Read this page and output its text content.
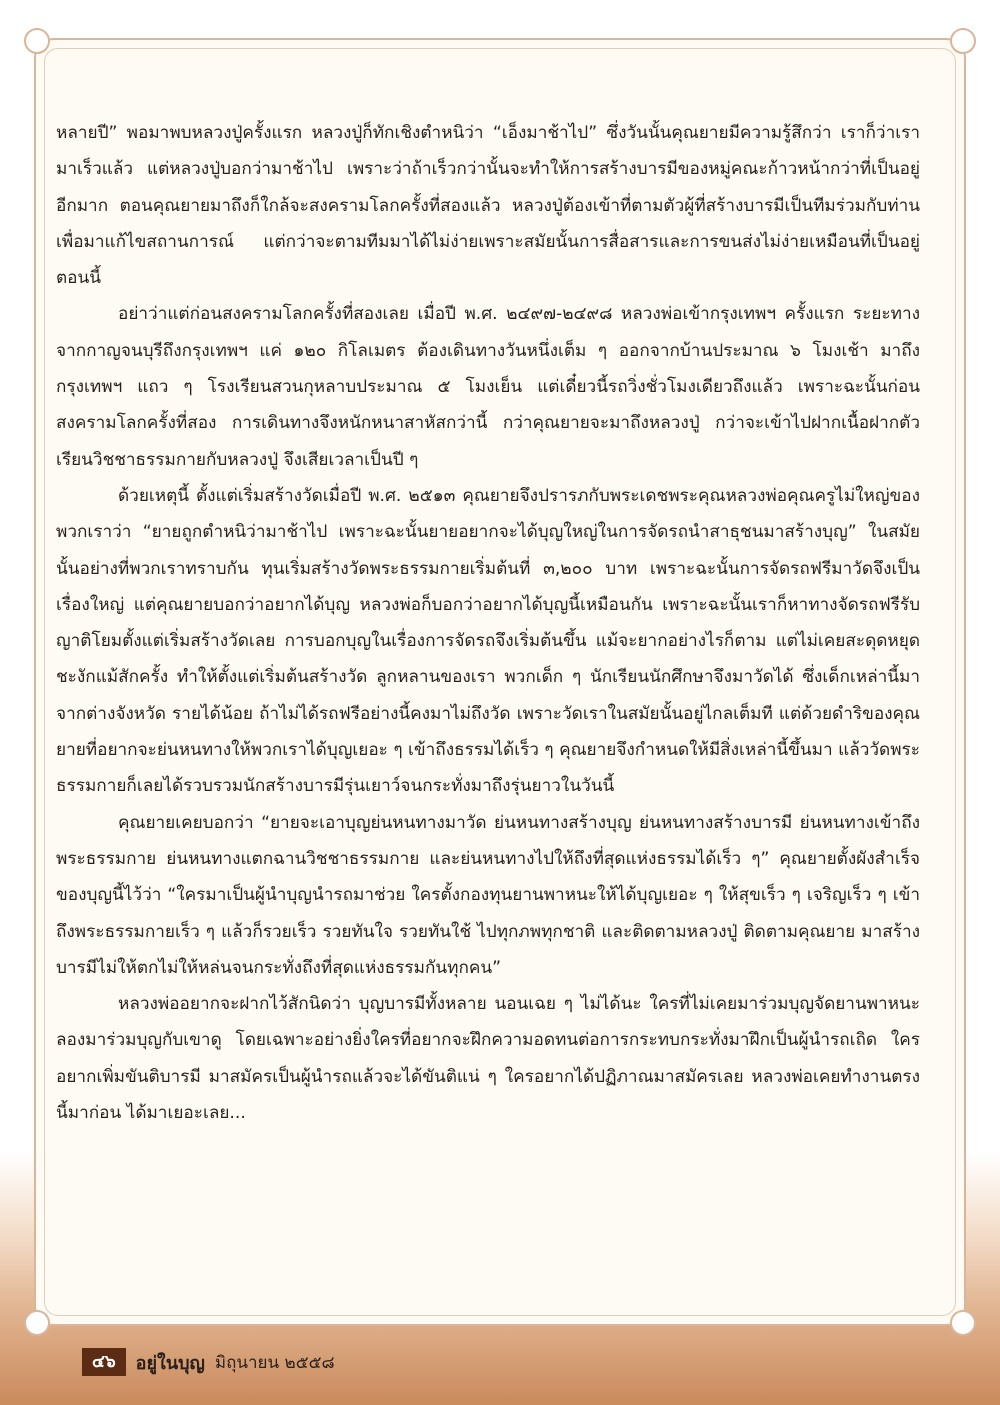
หลายปี” พอมาพบหลวงปู่ครั้งแรก หลวงปู่ก็ทักเชิงตำหนิว่า “เอ็งมาช้าไป” ซึ่งวันนั้นคุณยายมีความรู้สึกว่า เราก็ว่าเรามาเร็วแล้ว แต่หลวงปู่บอกว่ามาช้าไป เพราะว่าถ้าเร็วกว่านั้นจะทำให้การสร้างบารมีของหมู่คณะก้าวหน้ากว่าที่เป็นอยู่อีกมาก ตอนคุณยายมาถึงก็ใกล้จะสงครามโลกครั้งที่สองแล้ว หลวงปู่ต้องเข้าที่ตามตัวผู้ที่สร้างบารมีเป็นทีมร่วมกับท่านเพื่อมาแก้ไขสถานการณ์ แต่กว่าจะตามทีมมาได้ไม่ง่ายเพราะสมัยนั้นการสื่อสารและการขนส่งไม่ง่ายเหมือนที่เป็นอยู่ตอนนี้

อย่าว่าแต่ก่อนสงครามโลกครั้งที่สองเลย เมื่อปี พ.ศ. ๒๔๙๗-๒๔๙๘ หลวงพ่อเข้ากรุงเทพฯ ครั้งแรก ระยะทางจากกาญจนบุรีถึงกรุงเทพฯ แค่ ๑๒๐ กิโลเมตร ต้องเดินทางวันหนึ่งเต็ม ๆ ออกจากบ้านประมาณ ๖ โมงเช้า มาถึงกรุงเทพฯ แถว ๆ โรงเรียนสวนกุหลาบประมาณ ๕ โมงเย็น แต่เดี๋ยวนี้รถวิ่งชั่วโมงเดียวถึงแล้ว เพราะฉะนั้นก่อนสงครามโลกครั้งที่สอง การเดินทางจึงหนักหนาสาหัสกว่านี้ กว่าคุณยายจะมาถึงหลวงปู่ กว่าจะเข้าไปฝากเนื้อฝากตัวเรียนวิชชาธรรมกายกับหลวงปู่ จึงเสียเวลาเป็นปี ๆ

ด้วยเหตุนี้ ตั้งแต่เริ่มสร้างวัดเมื่อปี พ.ศ. ๒๕๑๓ คุณยายจึงปรารภกับพระเดชพระคุณหลวงพ่อคุณครูไม่ใหญ่ของพวกเราว่า “ยายถูกตำหนิว่ามาช้าไป เพราะฉะนั้นยายอยากจะได้บุญใหญ่ในการจัดรถนำสาธุชนมาสร้างบุญ” ในสมัยนั้นอย่างที่พวกเราทราบกัน ทุนเริ่มสร้างวัดพระธรรมกายเริ่มต้นที่ ๓,๒๐๐ บาท เพราะฉะนั้นการจัดรถฟรีมาวัดจึงเป็นเรื่องใหญ่ แต่คุณยายบอกว่าอยากได้บุญ หลวงพ่อก็บอกว่าอยากได้บุญนี้เหมือนกัน เพราะฉะนั้นเราก็หาทางจัดรถฟรีรับญาติโยมตั้งแต่เริ่มสร้างวัดเลย การบอกบุญในเรื่องการจัดรถจึงเริ่มต้นขึ้น แม้จะยากอย่างไรก็ตาม แต่ไม่เคยสะดุดหยุดชะงักแม้สักครั้ง ทำให้ตั้งแต่เริ่มต้นสร้างวัด ลูกหลานของเรา พวกเด็ก ๆ นักเรียนนักศึกษาจึงมาวัดได้ ซึ่งเด็กเหล่านี้มาจากต่างจังหวัด รายได้น้อย ถ้าไม่ได้รถฟรีอย่างนี้คงมาไม่ถึงวัด เพราะวัดเราในสมัยนั้นอยู่ไกลเต็มที แต่ด้วยดำริของคุณยายที่อยากจะย่นหนทางให้พวกเราได้บุญเยอะ ๆ เข้าถึงธรรมได้เร็ว ๆ คุณยายจึงกำหนดให้มีสิ่งเหล่านี้ขึ้นมา แล้ววัดพระธรรมกายก็เลยได้รวบรวมนักสร้างบารมีรุ่นเยาว์จนกระทั่งมาถึงรุ่นยาวในวันนี้

คุณยายเคยบอกว่า “ยายจะเอาบุญย่นหนทางมาวัด ย่นหนทางสร้างบุญ ย่นหนทางสร้างบารมี ย่นหนทางเข้าถึงพระธรรมกาย ย่นหนทางแตกฉานวิชชาธรรมกาย และย่นหนทางไปให้ถึงที่สุดแห่งธรรมได้เร็ว ๆ” คุณยายตั้งผังสำเร็จของบุญนี้ไว้ว่า “ใครมาเป็นผู้นำบุญนำรถมาช่วย ใครตั้งกองทุนยานพาหนะให้ได้บุญเยอะ ๆ ให้สุขเร็ว ๆ เจริญเร็ว ๆ เข้าถึงพระธรรมกายเร็ว ๆ แล้วก็รวยเร็ว รวยทันใจ รวยทันใช้ ไปทุกภพทุกชาติ และติดตามหลวงปู่ ติดตามคุณยาย มาสร้างบารมีไม่ให้ตกไม่ให้หล่นจนกระทั่งถึงที่สุดแห่งธรรมกันทุกคน”

หลวงพ่ออยากจะฝากไว้สักนิดว่า บุญบารมีทั้งหลาย นอนเฉย ๆ ไม่ได้นะ ใครที่ไม่เคยมาร่วมบุญจัดยานพาหนะ ลองมาร่วมบุญกับเขาดู โดยเฉพาะอย่างยิ่งใครที่อยากจะฝึกความอดทนต่อการกระทบกระทั่งมาฝึกเป็นผู้นำรถเถิด ใครอยากเพิ่มขันติบารมี มาสมัครเป็นผู้นำรถแล้วจะได้ขันติแน่ ๆ ใครอยากได้ปฏิภาณมาสมัครเลย หลวงพ่อเคยทำงานตรงนี้มาก่อน ได้มาเยอะเลย...

๔๖	อยู่ในบุญ มิถุนายน ๒๕๕๘
